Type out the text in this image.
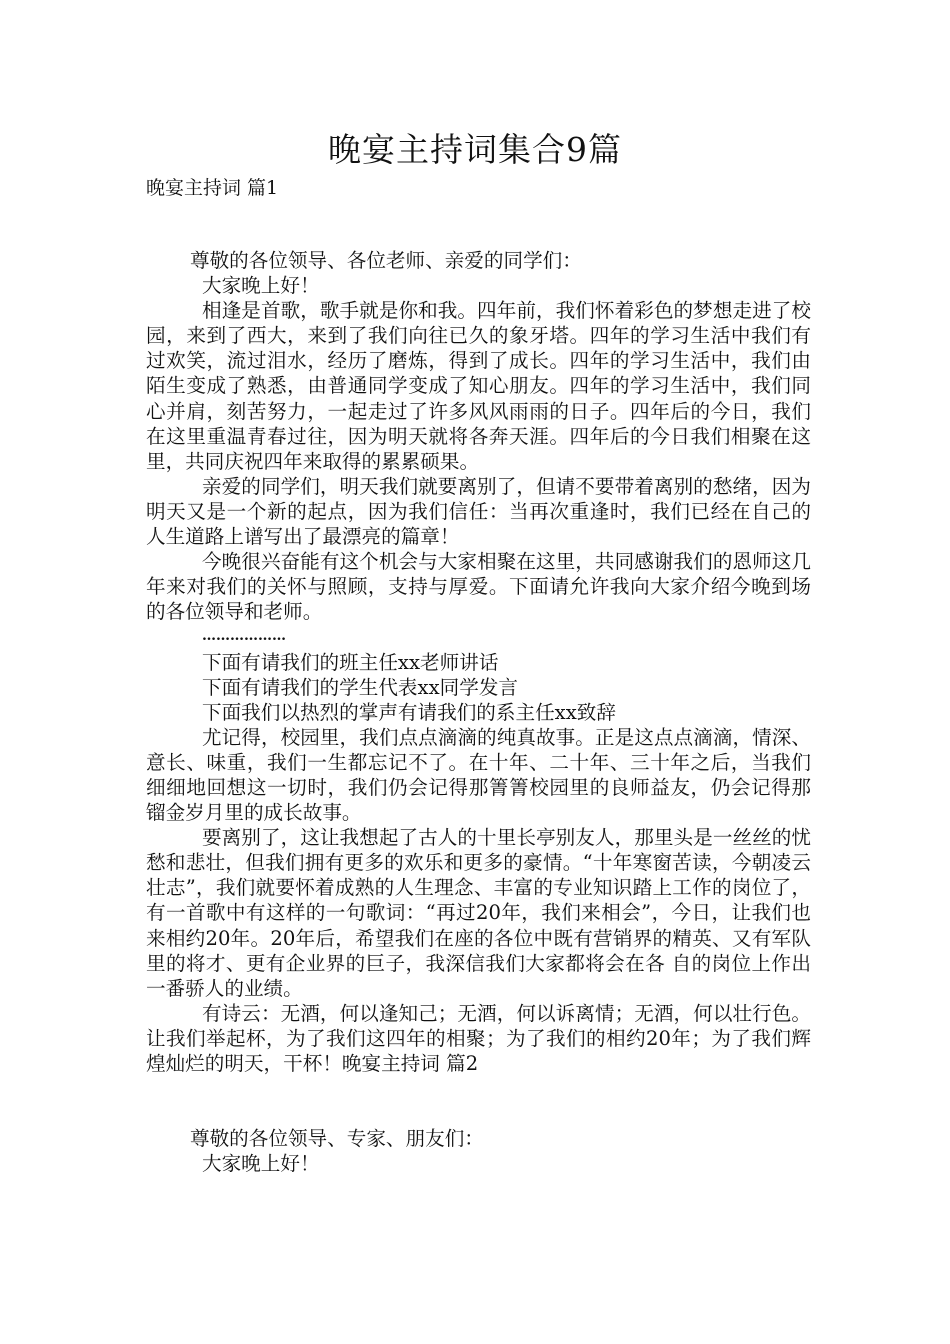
晚宴主持词集合9篇
晚宴主持词 篇1

尊敬的各位领导、各位老师、亲爱的同学们：

大家晚上好！

相逢是首歌，歌手就是你和我。四年前，我们怀着彩色的梦想走进了校园，来到了西大，来到了我们向往已久的象牙塔。四年的学习生活中我们有过欢笑，流过泪水，经历了磨炼，得到了成长。四年的学习生活中，我们由陌生变成了熟悉，由普通同学变成了知心朋友。四年的学习生活中，我们同心并肩，刻苦努力，一起走过了许多风风雨雨的日子。四年后的今日，我们在这里重温青春过往，因为明天就将各奔天涯。四年后的今日我们相聚在这里，共同庆祝四年来取得的累累硕果。

亲爱的同学们，明天我们就要离别了，但请不要带着离别的愁绪，因为明天又是一个新的起点，因为我们信任：当再次重逢时，我们已经在自己的人生道路上谱写出了最漂亮的篇章！

今晚很兴奋能有这个机会与大家相聚在这里，共同感谢我们的恩师这几年来对我们的关怀与照顾，支持与厚爱。下面请允许我向大家介绍今晚到场的各位领导和老师。

………………

下面有请我们的班主任xx老师讲话

下面有请我们的学生代表xx同学发言

下面我们以热烈的掌声有请我们的系主任xx致辞

尤记得，校园里，我们点点滴滴的纯真故事。正是这点点滴滴，情深、意长、味重，我们一生都忘记不了。在十年、二十年、三十年之后，当我们细细地回想这一切时，我们仍会记得那箐箐校园里的良师益友，仍会记得那镏金岁月里的成长故事。

要离别了，这让我想起了古人的十里长亭别友人，那里头是一丝丝的忧愁和悲壮，但我们拥有更多的欢乐和更多的豪情。“十年寒窗苦读，今朝凌云壮志”，我们就要怀着成熟的人生理念、丰富的专业知识踏上工作的岗位了，有一首歌中有这样的一句歌词：“再过20年，我们来相会”，今日，让我们也来相约20年。20年后，希望我们在座的各位中既有营销界的精英、又有军队里的将才、更有企业界的巨子，我深信我们大家都将会在各 自的岗位上作出一番骄人的业绩。

有诗云：无酒，何以逢知己；无酒，何以诉离情；无酒，何以壮行色。让我们举起杯，为了我们这四年的相聚；为了我们的相约20年；为了我们辉煌灿烂的明天，干杯！晚宴主持词 篇2

尊敬的各位领导、专家、朋友们：

大家晚上好！
